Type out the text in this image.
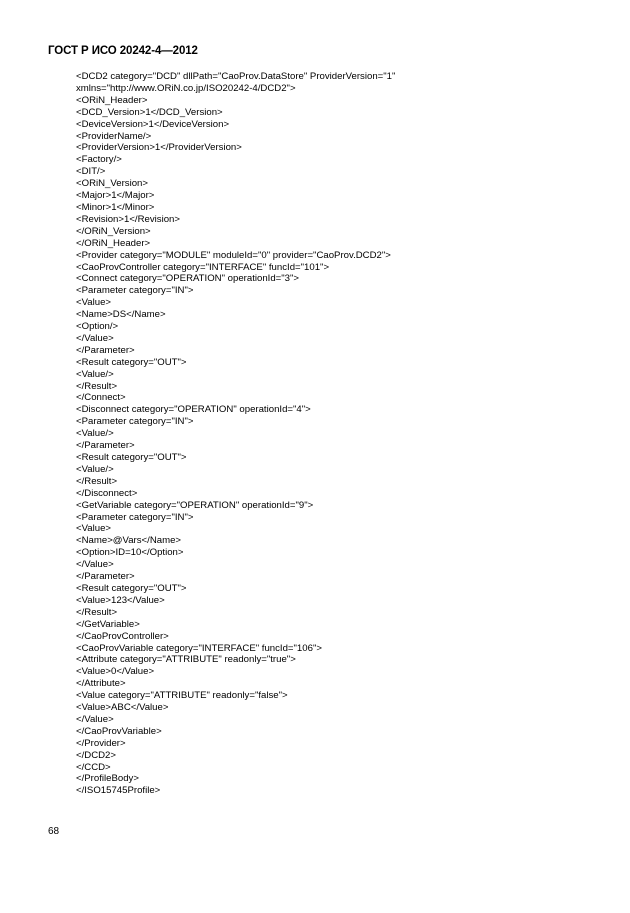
ГОСТ Р ИСО 20242-4—2012
<DCD2 category="DCD" dllPath="CaoProv.DataStore" ProviderVersion="1"
xmlns="http://www.ORiN.co.jp/ISO20242-4/DCD2">
<ORiN_Header>
<DCD_Version>1</DCD_Version>
<DeviceVersion>1</DeviceVersion>
<ProviderName/>
<ProviderVersion>1</ProviderVersion>
<Factory/>
<DIT/>
<ORiN_Version>
<Major>1</Major>
<Minor>1</Minor>
<Revision>1</Revision>
</ORiN_Version>
</ORiN_Header>
<Provider category="MODULE" moduleId="0" provider="CaoProv.DCD2">
<CaoProvController category="INTERFACE" funcId="101">
<Connect category="OPERATION" operationId="3">
<Parameter category="IN">
<Value>
<Name>DS</Name>
<Option/>
</Value>
</Parameter>
<Result category="OUT">
<Value/>
</Result>
</Connect>
<Disconnect category="OPERATION" operationId="4">
<Parameter category="IN">
<Value/>
</Parameter>
<Result category="OUT">
<Value/>
</Result>
</Disconnect>
<GetVariable category="OPERATION" operationId="9">
<Parameter category="IN">
<Value>
<Name>@Vars</Name>
<Option>ID=10</Option>
</Value>
</Parameter>
<Result category="OUT">
<Value>123</Value>
</Result>
</GetVariable>
</CaoProvController>
<CaoProvVariable category="INTERFACE" funcId="106">
<Attribute category="ATTRIBUTE" readonly="true">
<Value>0</Value>
</Attribute>
<Value category="ATTRIBUTE" readonly="false">
<Value>ABC</Value>
</Value>
</CaoProvVariable>
</Provider>
</DCD2>
</CCD>
</ProfileBody>
</ISO15745Profile>
68
